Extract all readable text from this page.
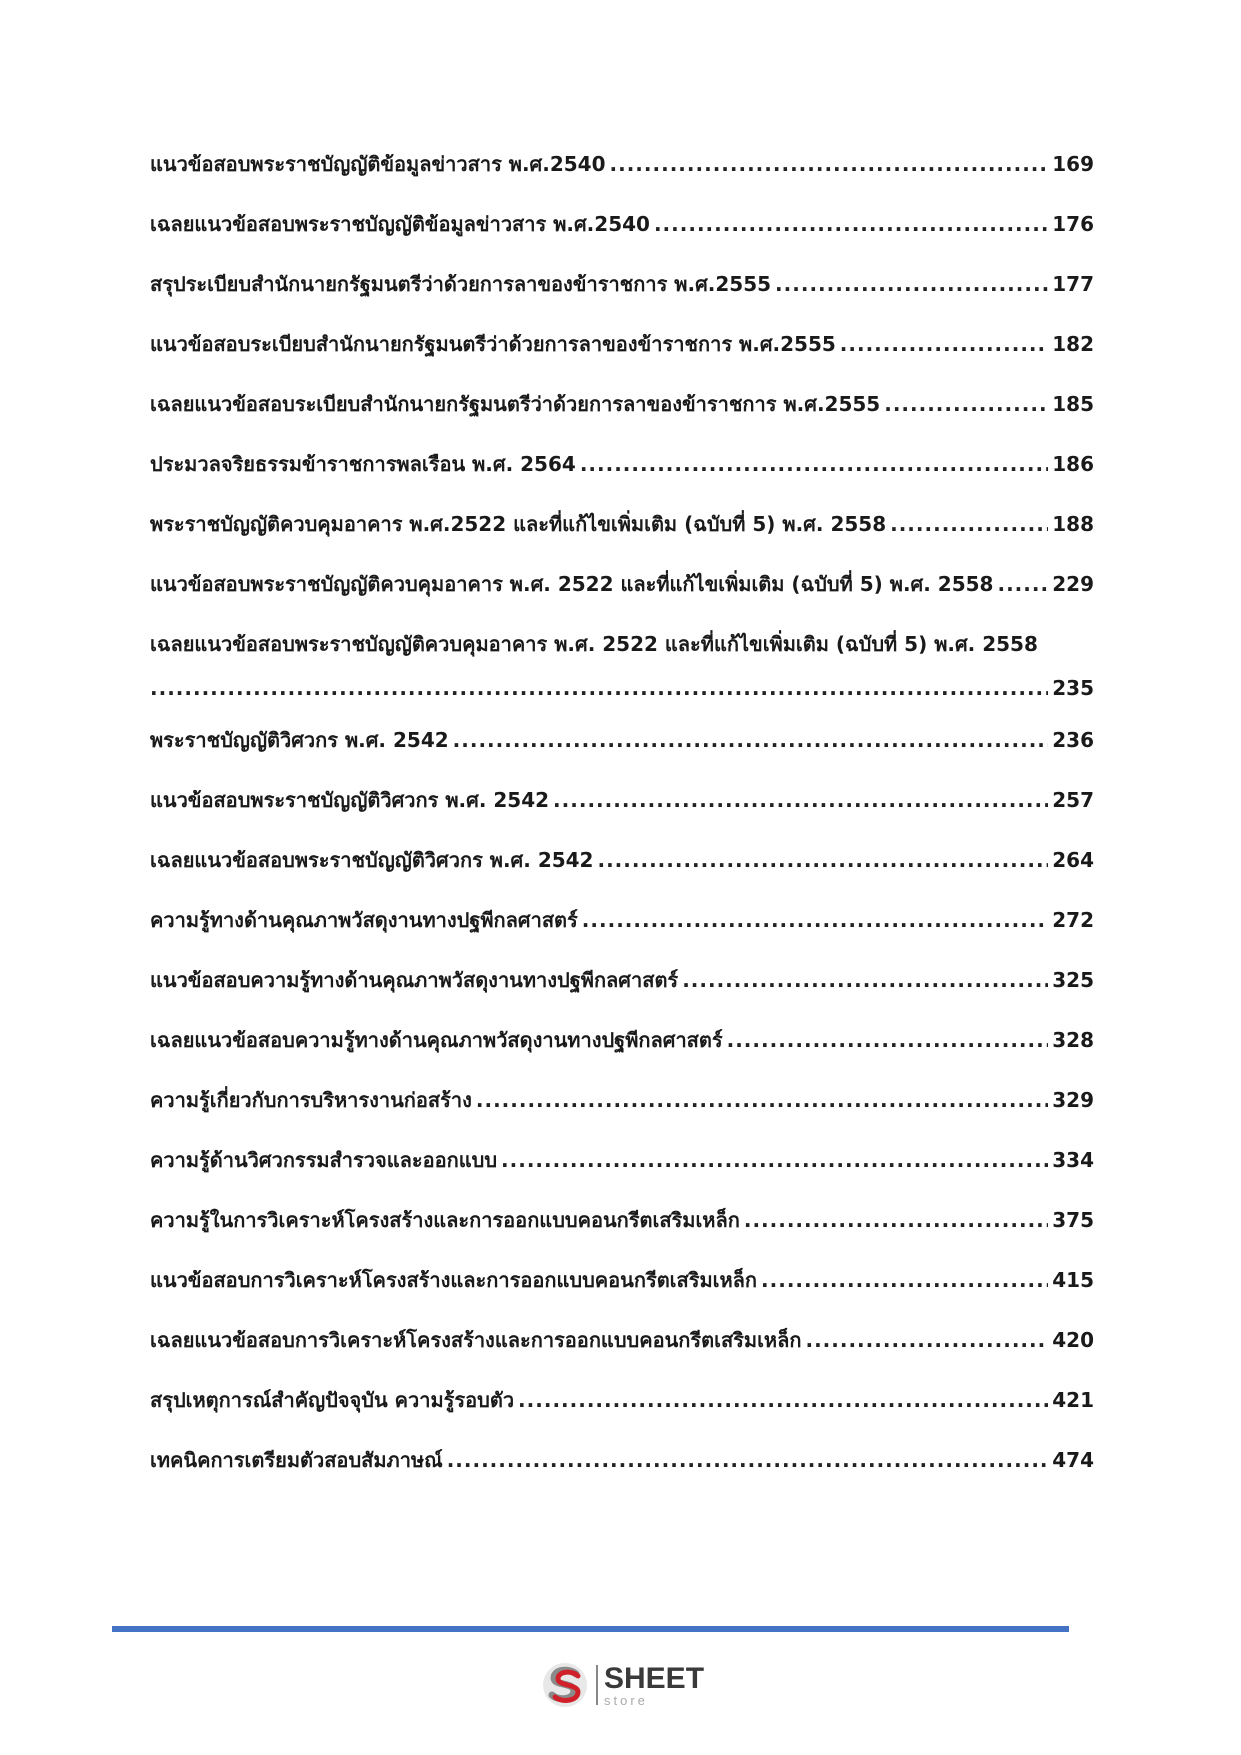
แนวข้อสอบพระราชบัญญัติข้อมูลข่าวสาร พ.ศ.2540 .....	169
เฉลยแนวข้อสอบพระราชบัญญัติข้อมูลข่าวสาร พ.ศ.2540 .....	176
สรุประเบียบสำนักนายกรัฐมนตรีว่าด้วยการลาของข้าราชการ พ.ศ.2555 .....	177
แนวข้อสอบระเบียบสำนักนายกรัฐมนตรีว่าด้วยการลาของข้าราชการ พ.ศ.2555 .....	182
เฉลยแนวข้อสอบระเบียบสำนักนายกรัฐมนตรีว่าด้วยการลาของข้าราชการ พ.ศ.2555 .....	185
ประมวลจริยธรรมข้าราชการพลเรือน พ.ศ. 2564 .....	186
พระราชบัญญัติควบคุมอาคาร พ.ศ.2522 และที่แก้ไขเพิ่มเติม (ฉบับที่ 5) พ.ศ. 2558 .....	188
แนวข้อสอบพระราชบัญญัติควบคุมอาคาร พ.ศ. 2522 และที่แก้ไขเพิ่มเติม (ฉบับที่ 5) พ.ศ. 2558 .....	229
เฉลยแนวข้อสอบพระราชบัญญัติควบคุมอาคาร พ.ศ. 2522 และที่แก้ไขเพิ่มเติม (ฉบับที่ 5) พ.ศ. 2558
.....
235
พระราชบัญญัติวิศวกร พ.ศ. 2542 .....	236
แนวข้อสอบพระราชบัญญัติวิศวกร พ.ศ. 2542 .....	257
เฉลยแนวข้อสอบพระราชบัญญัติวิศวกร พ.ศ. 2542 .....	264
ความรู้ทางด้านคุณภาพวัสดุงานทางปฐพีกลศาสตร์ .....	272
แนวข้อสอบความรู้ทางด้านคุณภาพวัสดุงานทางปฐพีกลศาสตร์ .....	325
เฉลยแนวข้อสอบความรู้ทางด้านคุณภาพวัสดุงานทางปฐพีกลศาสตร์ .....	328
ความรู้เกี่ยวกับการบริหารงานก่อสร้าง .....	329
ความรู้ด้านวิศวกรรมสำรวจและออกแบบ .....	334
ความรู้ในการวิเคราะห์โครงสร้างและการออกแบบคอนกรีตเสริมเหล็ก .....	375
แนวข้อสอบการวิเคราะห์โครงสร้างและการออกแบบคอนกรีตเสริมเหล็ก .....	415
เฉลยแนวข้อสอบการวิเคราะห์โครงสร้างและการออกแบบคอนกรีตเสริมเหล็ก .....	420
สรุปเหตุการณ์สำคัญปัจจุบัน ความรู้รอบตัว .....	421
เทคนิคการเตรียมตัวสอบสัมภาษณ์ .....	474
SHEET
store
